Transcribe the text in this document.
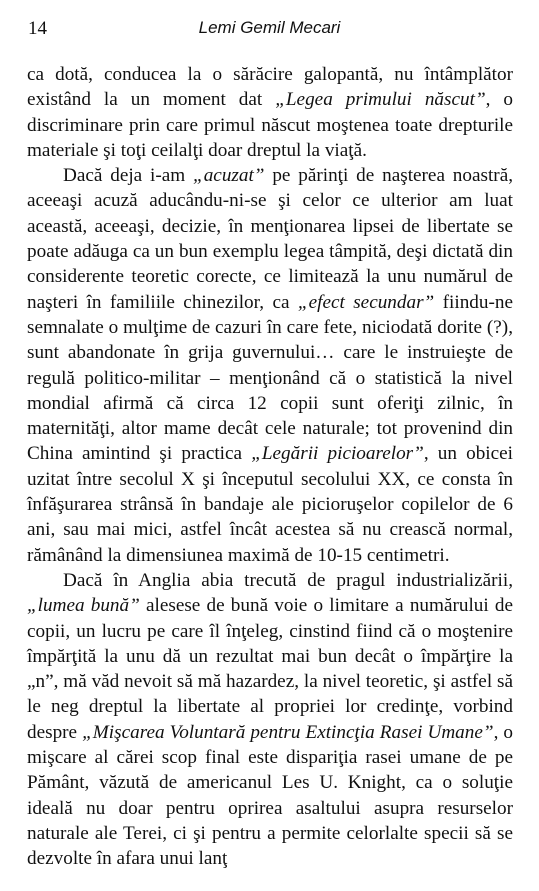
14	Lemi Gemil Mecari

ca dotă, conducea la o sărăcire galopantă, nu întâmplător existând la un moment dat „Legea primului născut”, o discriminare prin care primul născut moştenea toate drepturile materiale şi toţi ceilalţi doar dreptul la viaţă.

Dacă deja i-am „acuzat” pe părinţi de naşterea noastră, aceeaşi acuză aducându-ni-se şi celor ce ulterior am luat această, aceeaşi, decizie, în menţionarea lipsei de libertate se poate adăuga ca un bun exemplu legea tâmpită, deşi dictată din considerente teoretic corecte, ce limitează la unu numărul de naşteri în familiile chinezilor, ca „efect secundar” fiindu-ne semnalate o mulţime de cazuri în care fete, niciodată dorite (?), sunt abandonate în grija guvernului… care le instruieşte de regulă politico-militar – menţionând că o statistică la nivel mondial afirmă că circa 12 copii sunt oferiţi zilnic, în maternităţi, altor mame decât cele naturale; tot provenind din China amintind şi practica „Legării picioarelor”, un obicei uzitat între secolul X şi începutul secolului XX, ce consta în înfăşurarea strânsă în bandaje ale picioruşelor copilelor de 6 ani, sau mai mici, astfel încât acestea să nu crească normal, rămânând la dimensiunea maximă de 10-15 centimetri.

Dacă în Anglia abia trecută de pragul industrializării, „lumea bună” alesese de bună voie o limitare a numărului de copii, un lucru pe care îl înţeleg, cinstind fiind că o moştenire împărţită la unu dă un rezultat mai bun decât o împărţire la „n”, mă văd nevoit să mă hazardez, la nivel teoretic, şi astfel să le neg dreptul la libertate al propriei lor credinţe, vorbind despre „Mişcarea Voluntară pentru Extincţia Rasei Umane”, o mişcare al cărei scop final este dispariţia rasei umane de pe Pământ, văzută de americanul Les U. Knight, ca o soluţie ideală nu doar pentru oprirea asaltului asupra resurselor naturale ale Terei, ci şi pentru a permite celorlalte specii să se dezvolte în afara unui lanţ
